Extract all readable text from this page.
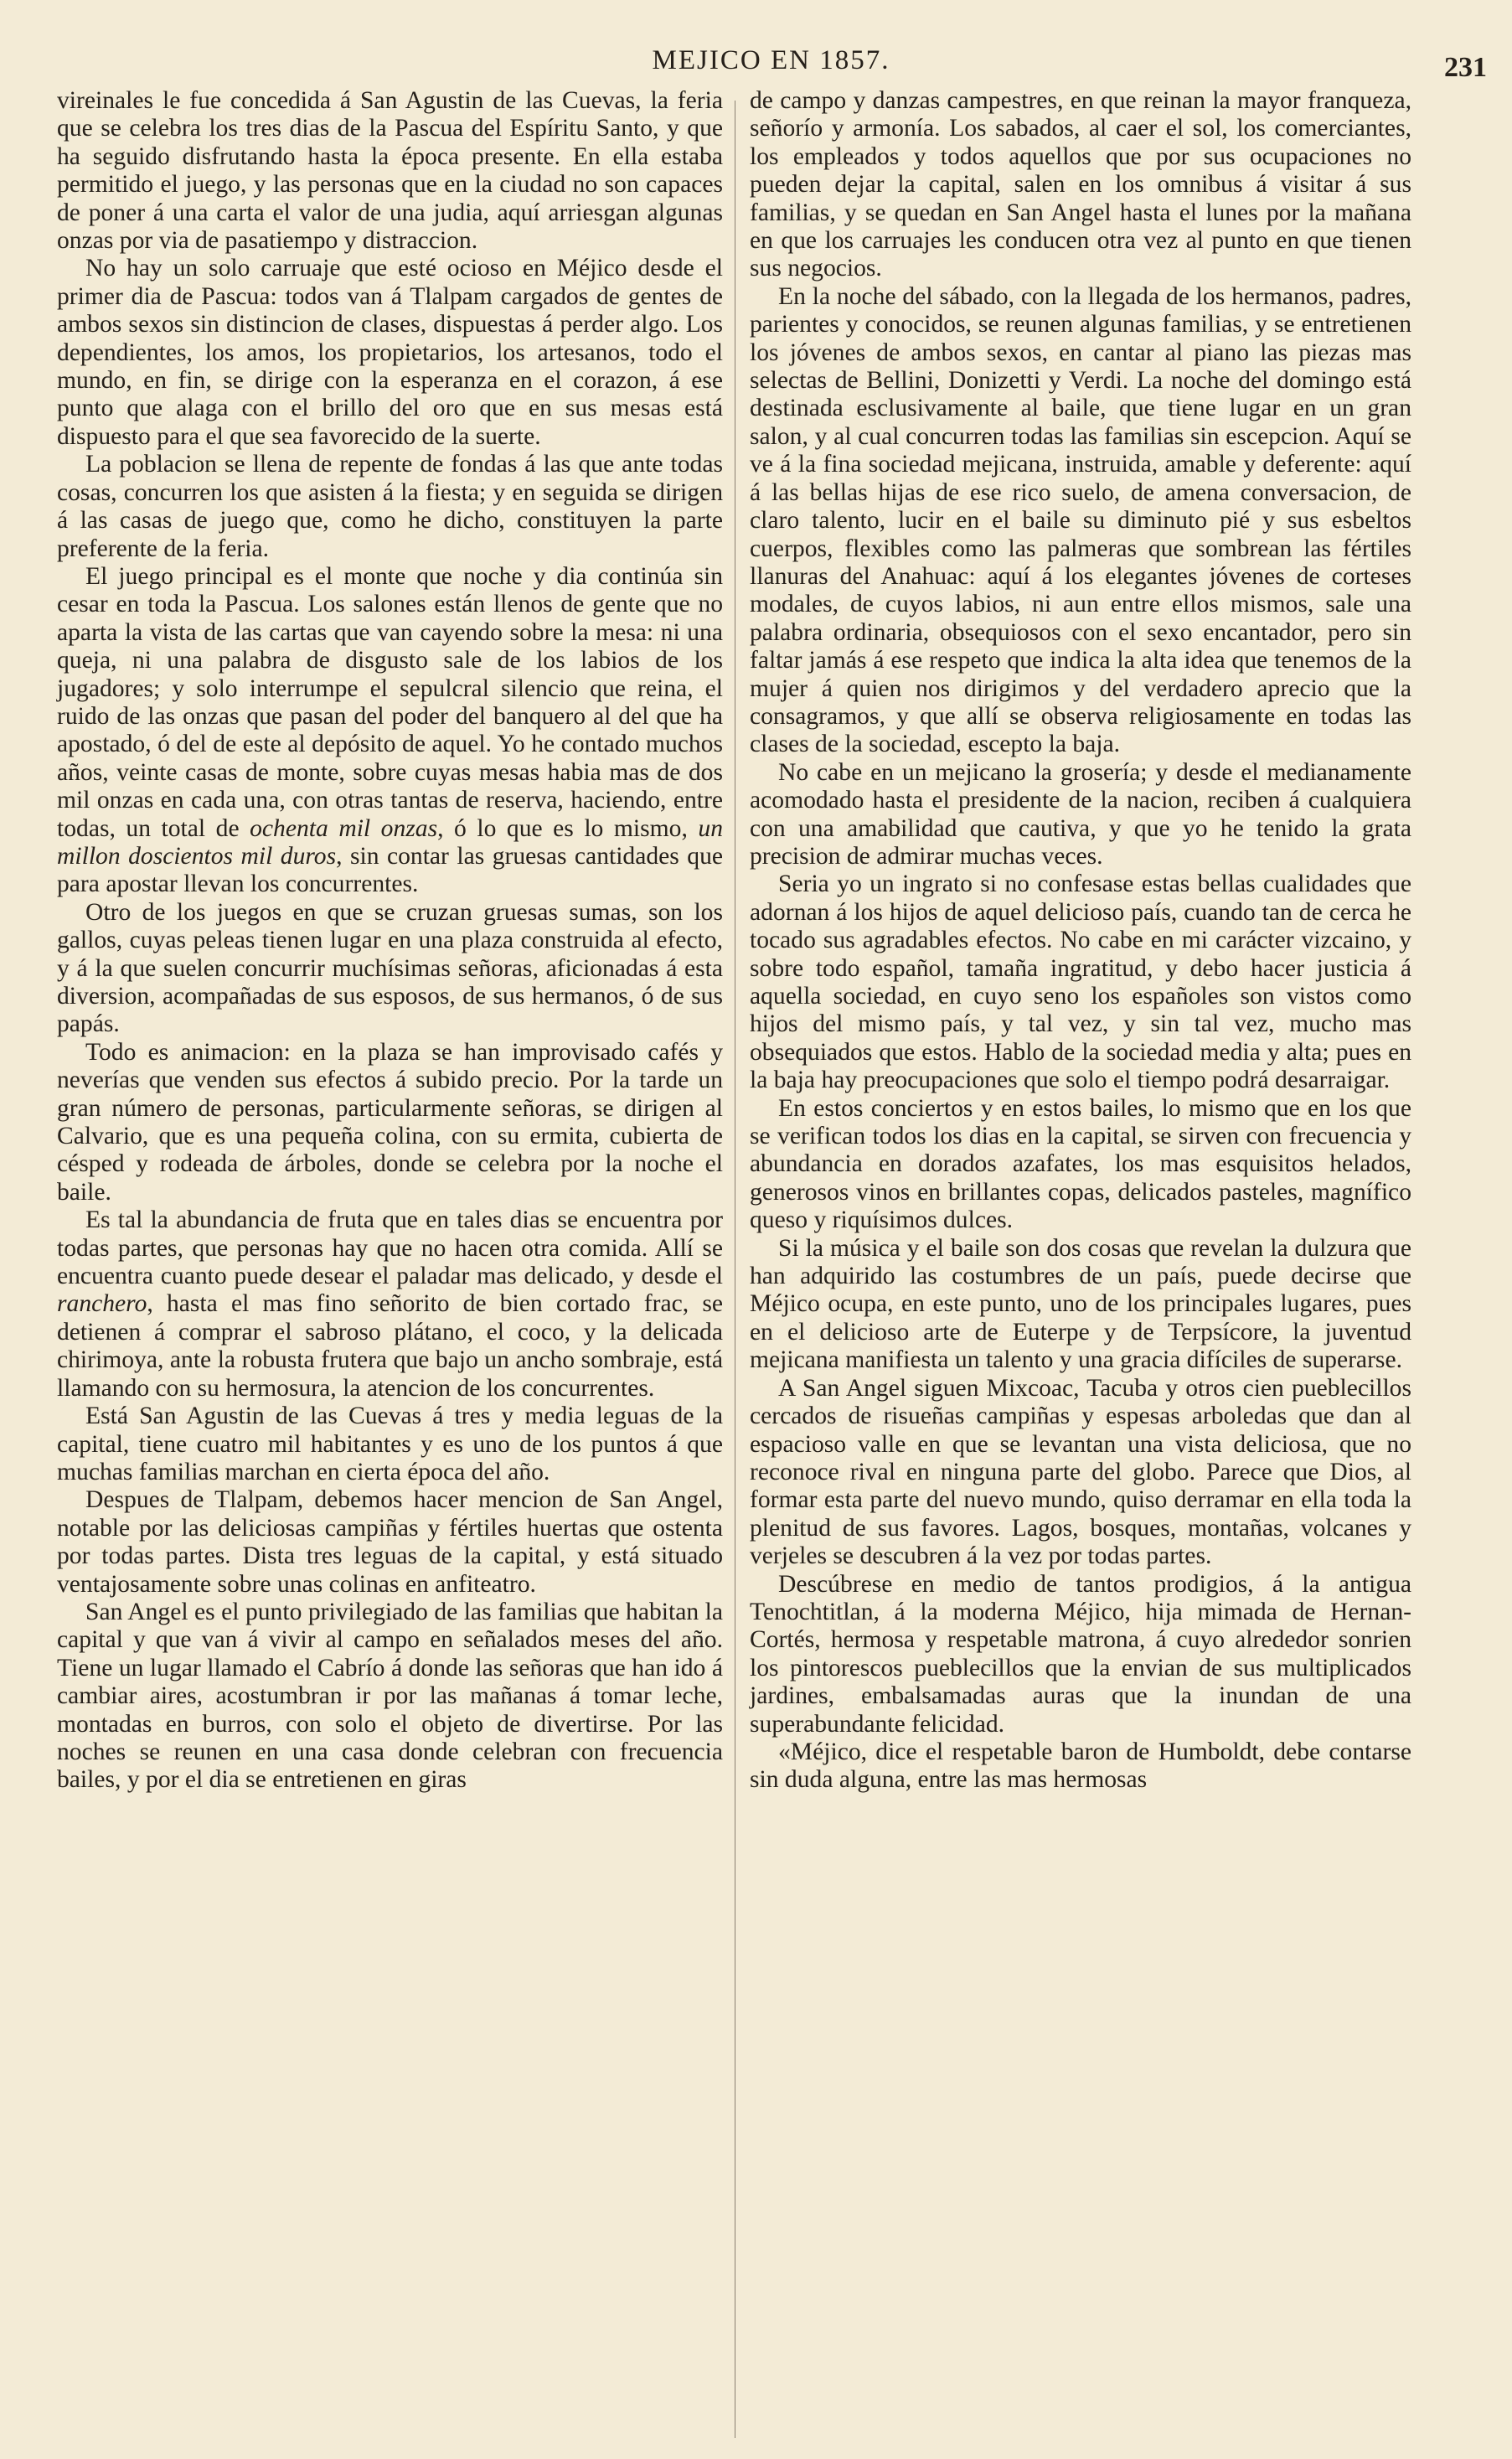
MEJICO EN 1857.	231

vireinales le fue concedida á San Agustin de las Cuevas, la feria que se celebra los tres dias de la Pascua del Espíritu Santo, y que ha seguido disfrutando hasta la época presente. En ella estaba permitido el juego, y las personas que en la ciudad no son capaces de poner á una carta el valor de una judia, aquí arriesgan algunas onzas por via de pasatiempo y distraccion.

No hay un solo carruaje que esté ocioso en Méjico desde el primer dia de Pascua: todos van á Tlalpam cargados de gentes de ambos sexos sin distincion de clases, dispuestas á perder algo. Los dependientes, los amos, los propietarios, los artesanos, todo el mundo, en fin, se dirige con la esperanza en el corazon, á ese punto que alaga con el brillo del oro que en sus mesas está dispuesto para el que sea favorecido de la suerte.

La poblacion se llena de repente de fondas á las que ante todas cosas, concurren los que asisten á la fiesta; y en seguida se dirigen á las casas de juego que, como he dicho, constituyen la parte preferente de la feria.

El juego principal es el monte que noche y dia continúa sin cesar en toda la Pascua. Los salones están llenos de gente que no aparta la vista de las cartas que van cayendo sobre la mesa: ni una queja, ni una palabra de disgusto sale de los labios de los jugadores; y solo interrumpe el sepulcral silencio que reina, el ruido de las onzas que pasan del poder del banquero al del que ha apostado, ó del de este al depósito de aquel. Yo he contado muchos años, veinte casas de monte, sobre cuyas mesas habia mas de dos mil onzas en cada una, con otras tantas de reserva, haciendo, entre todas, un total de ochenta mil onzas, ó lo que es lo mismo, un millon doscientos mil duros, sin contar las gruesas cantidades que para apostar llevan los concurrentes.

Otro de los juegos en que se cruzan gruesas sumas, son los gallos, cuyas peleas tienen lugar en una plaza construida al efecto, y á la que suelen concurrir muchísimas señoras, aficionadas á esta diversion, acompañadas de sus esposos, de sus hermanos, ó de sus papás.

Todo es animacion: en la plaza se han improvisado cafés y neverías que venden sus efectos á subido precio. Por la tarde un gran número de personas, particularmente señoras, se dirigen al Calvario, que es una pequeña colina, con su ermita, cubierta de césped y rodeada de árboles, donde se celebra por la noche el baile.

Es tal la abundancia de fruta que en tales dias se encuentra por todas partes, que personas hay que no hacen otra comida. Allí se encuentra cuanto puede desear el paladar mas delicado, y desde el ranchero, hasta el mas fino señorito de bien cortado frac, se detienen á comprar el sabroso plátano, el coco, y la delicada chirimoya, ante la robusta frutera que bajo un ancho sombraje, está llamando con su hermosura, la atencion de los concurrentes.

Está San Agustin de las Cuevas á tres y media leguas de la capital, tiene cuatro mil habitantes y es uno de los puntos á que muchas familias marchan en cierta época del año.

Despues de Tlalpam, debemos hacer mencion de San Angel, notable por las deliciosas campiñas y fértiles huertas que ostenta por todas partes. Dista tres leguas de la capital, y está situado ventajosamente sobre unas colinas en anfiteatro.

San Angel es el punto privilegiado de las familias que habitan la capital y que van á vivir al campo en señalados meses del año. Tiene un lugar llamado el Cabrío á donde las señoras que han ido á cambiar aires, acostumbran ir por las mañanas á tomar leche, montadas en burros, con solo el objeto de divertirse. Por las noches se reunen en una casa donde celebran con frecuencia bailes, y por el dia se entretienen en giras

de campo y danzas campestres, en que reinan la mayor franqueza, señorío y armonía. Los sabados, al caer el sol, los comerciantes, los empleados y todos aquellos que por sus ocupaciones no pueden dejar la capital, salen en los omnibus á visitar á sus familias, y se quedan en San Angel hasta el lunes por la mañana en que los carruajes les conducen otra vez al punto en que tienen sus negocios.

En la noche del sábado, con la llegada de los hermanos, padres, parientes y conocidos, se reunen algunas familias, y se entretienen los jóvenes de ambos sexos, en cantar al piano las piezas mas selectas de Bellini, Donizetti y Verdi. La noche del domingo está destinada esclusivamente al baile, que tiene lugar en un gran salon, y al cual concurren todas las familias sin escepcion. Aquí se ve á la fina sociedad mejicana, instruida, amable y deferente: aquí á las bellas hijas de ese rico suelo, de amena conversacion, de claro talento, lucir en el baile su diminuto pié y sus esbeltos cuerpos, flexibles como las palmeras que sombrean las fértiles llanuras del Anahuac: aquí á los elegantes jóvenes de corteses modales, de cuyos labios, ni aun entre ellos mismos, sale una palabra ordinaria, obsequiosos con el sexo encantador, pero sin faltar jamás á ese respeto que indica la alta idea que tenemos de la mujer á quien nos dirigimos y del verdadero aprecio que la consagramos, y que allí se observa religiosamente en todas las clases de la sociedad, escepto la baja.

No cabe en un mejicano la grosería; y desde el medianamente acomodado hasta el presidente de la nacion, reciben á cualquiera con una amabilidad que cautiva, y que yo he tenido la grata precision de admirar muchas veces.

Seria yo un ingrato si no confesase estas bellas cualidades que adornan á los hijos de aquel delicioso país, cuando tan de cerca he tocado sus agradables efectos. No cabe en mi carácter vizcaino, y sobre todo español, tamaña ingratitud, y debo hacer justicia á aquella sociedad, en cuyo seno los españoles son vistos como hijos del mismo país, y tal vez, y sin tal vez, mucho mas obsequiados que estos. Hablo de la sociedad media y alta; pues en la baja hay preocupaciones que solo el tiempo podrá desarraigar.

En estos conciertos y en estos bailes, lo mismo que en los que se verifican todos los dias en la capital, se sirven con frecuencia y abundancia en dorados azafates, los mas esquisitos helados, generosos vinos en brillantes copas, delicados pasteles, magnífico queso y riquísimos dulces.

Si la música y el baile son dos cosas que revelan la dulzura que han adquirido las costumbres de un país, puede decirse que Méjico ocupa, en este punto, uno de los principales lugares, pues en el delicioso arte de Euterpe y de Terpsícore, la juventud mejicana manifiesta un talento y una gracia difíciles de superarse.

A San Angel siguen Mixcoac, Tacuba y otros cien pueblecillos cercados de risueñas campiñas y espesas arboledas que dan al espacioso valle en que se levantan una vista deliciosa, que no reconoce rival en ninguna parte del globo. Parece que Dios, al formar esta parte del nuevo mundo, quiso derramar en ella toda la plenitud de sus favores. Lagos, bosques, montañas, volcanes y verjeles se descubren á la vez por todas partes.

Descúbrese en medio de tantos prodigios, á la antigua Tenochtitlan, á la moderna Méjico, hija mimada de Hernan-Cortés, hermosa y respetable matrona, á cuyo alrededor sonrien los pintorescos pueblecillos que la envian de sus multiplicados jardines, embalsamadas auras que la inundan de una superabundante felicidad.

«Méjico, dice el respetable baron de Humboldt, debe contarse sin duda alguna, entre las mas hermosas
